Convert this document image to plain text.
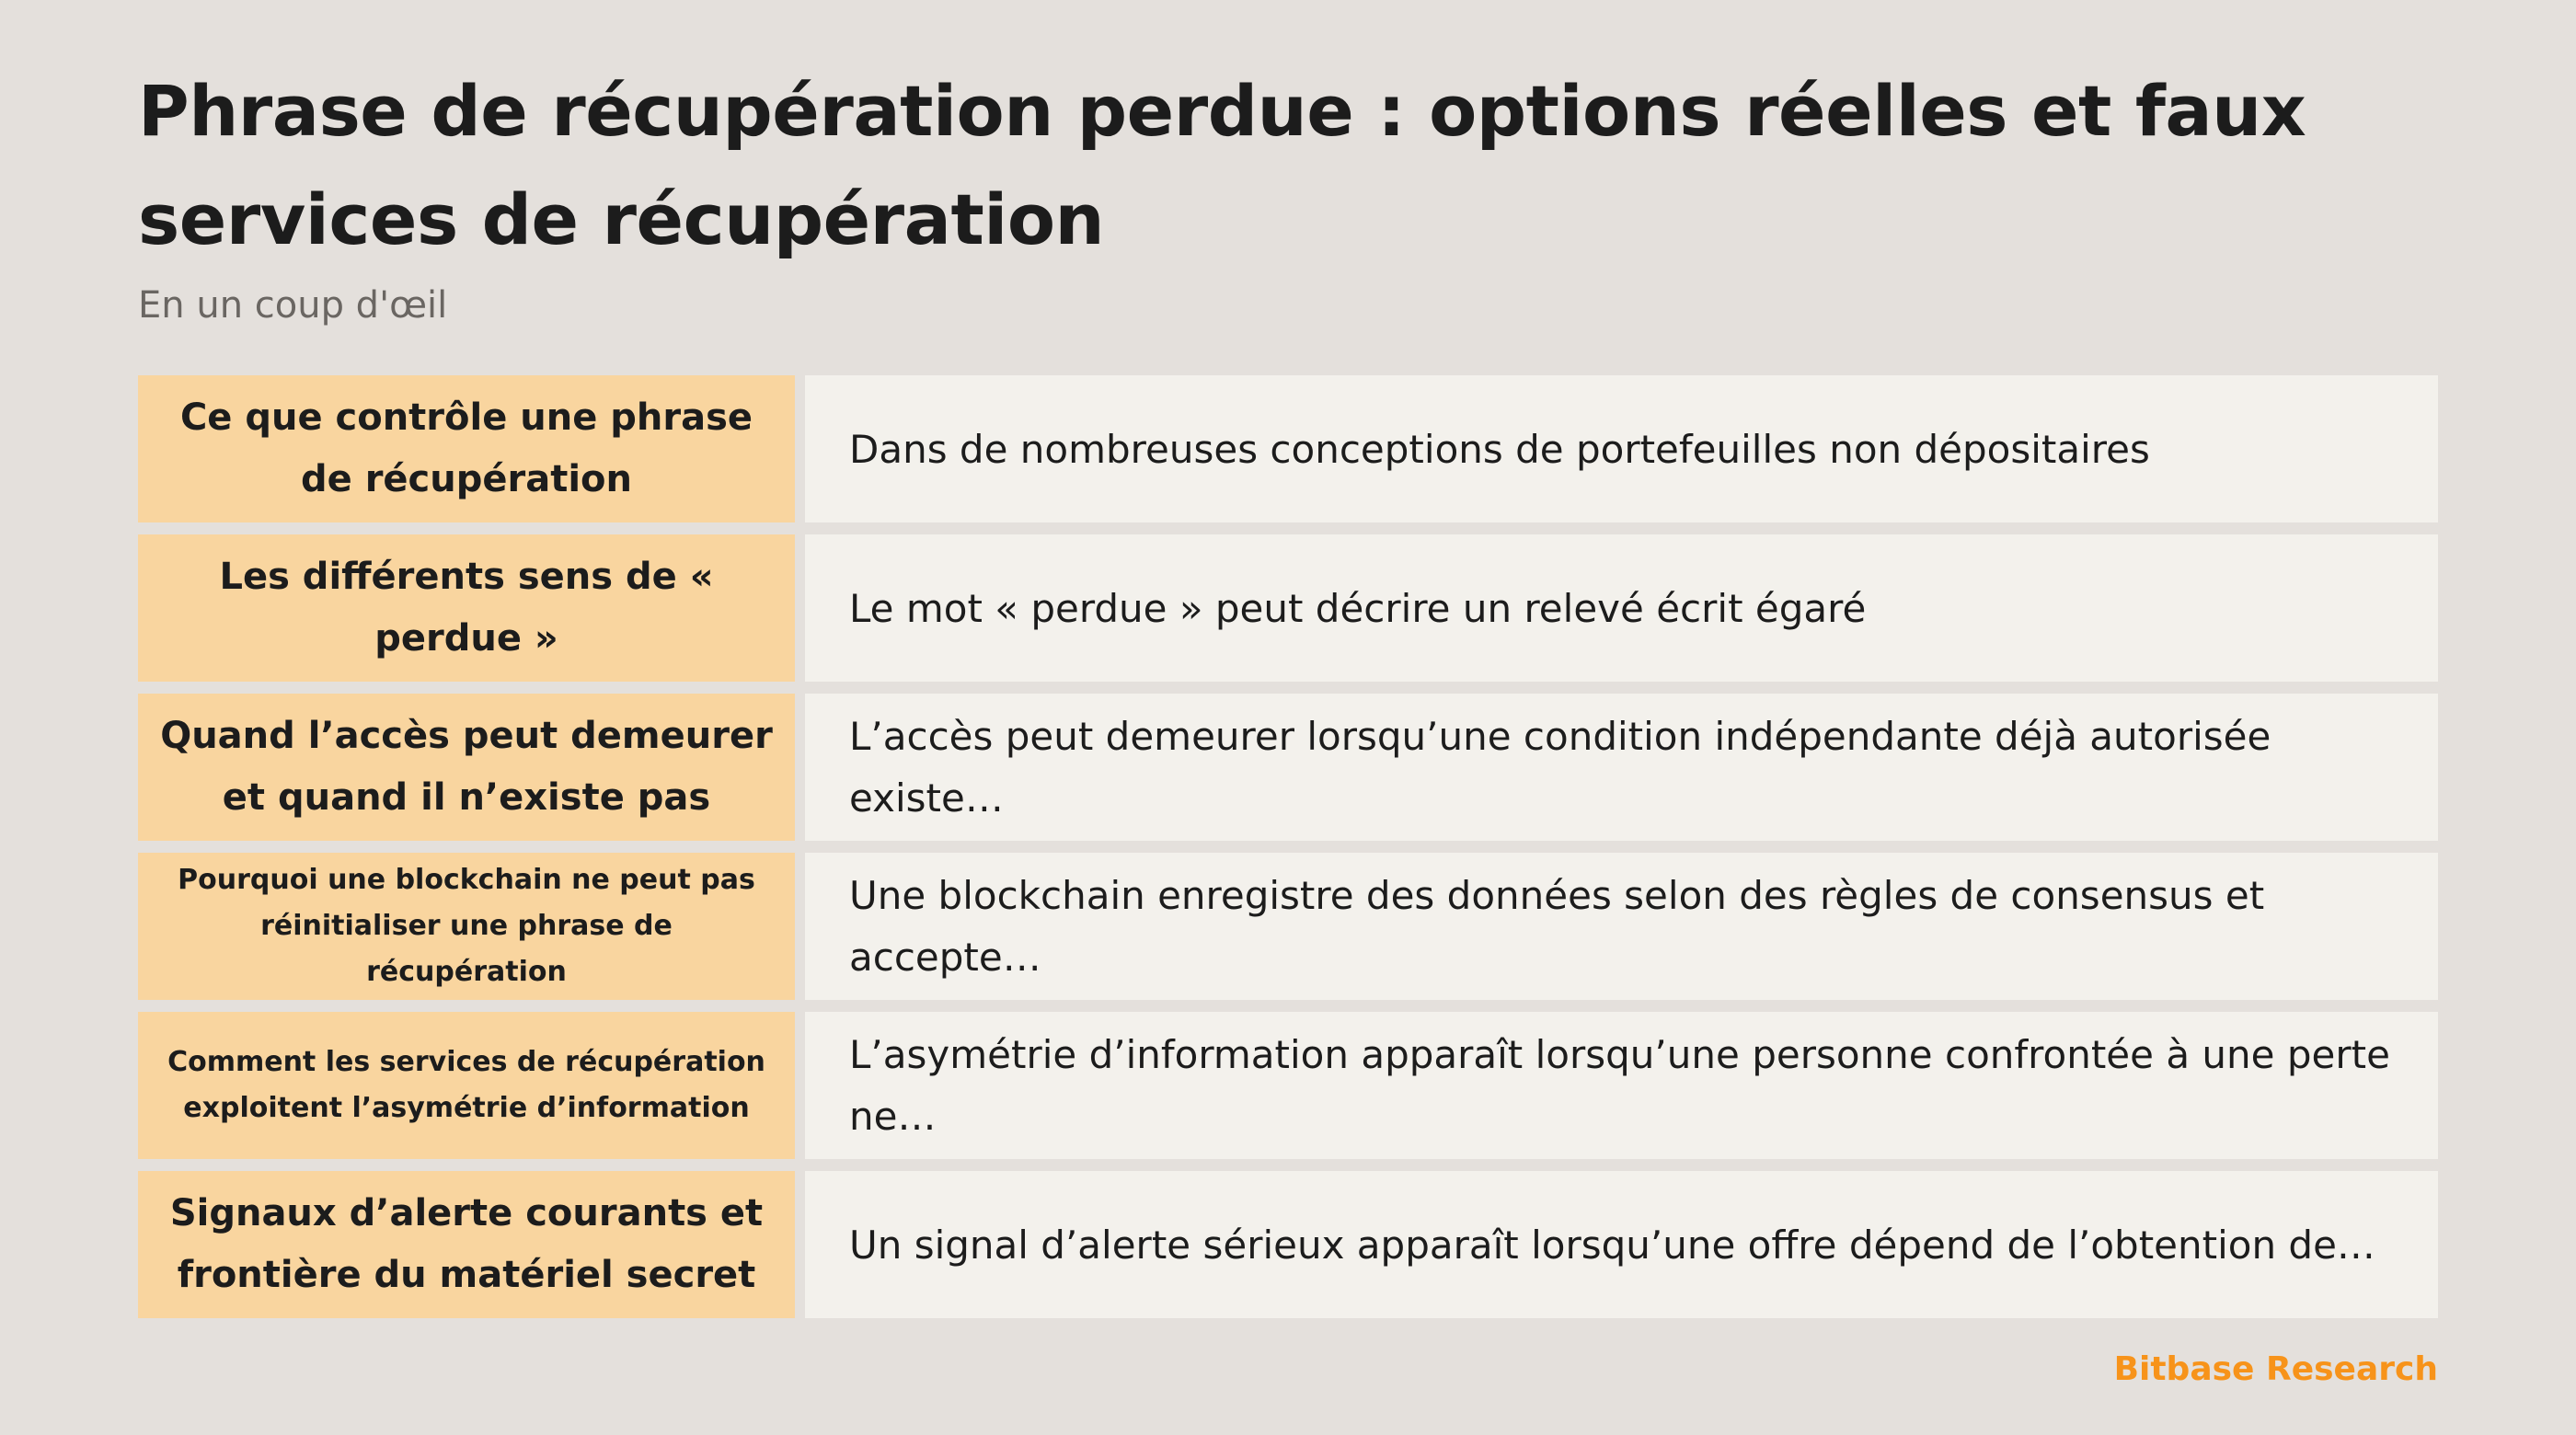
Phrase de récupération perdue : options réelles et faux services de récupération
En un coup d'œil
Ce que contrôle une phrase de récupération
Dans de nombreuses conceptions de portefeuilles non dépositaires
Les différents sens de « perdue »
Le mot « perdue » peut décrire un relevé écrit égaré
Quand l’accès peut demeurer et quand il n’existe pas
L’accès peut demeurer lorsqu’une condition indépendante déjà autorisée existe…
Pourquoi une blockchain ne peut pas réinitialiser une phrase de récupération
Une blockchain enregistre des données selon des règles de consensus et accepte…
Comment les services de récupération exploitent l’asymétrie d’information
L’asymétrie d’information apparaît lorsqu’une personne confrontée à une perte ne…
Signaux d’alerte courants et frontière du matériel secret
Un signal d’alerte sérieux apparaît lorsqu’une offre dépend de l’obtention de…
Bitbase Research
